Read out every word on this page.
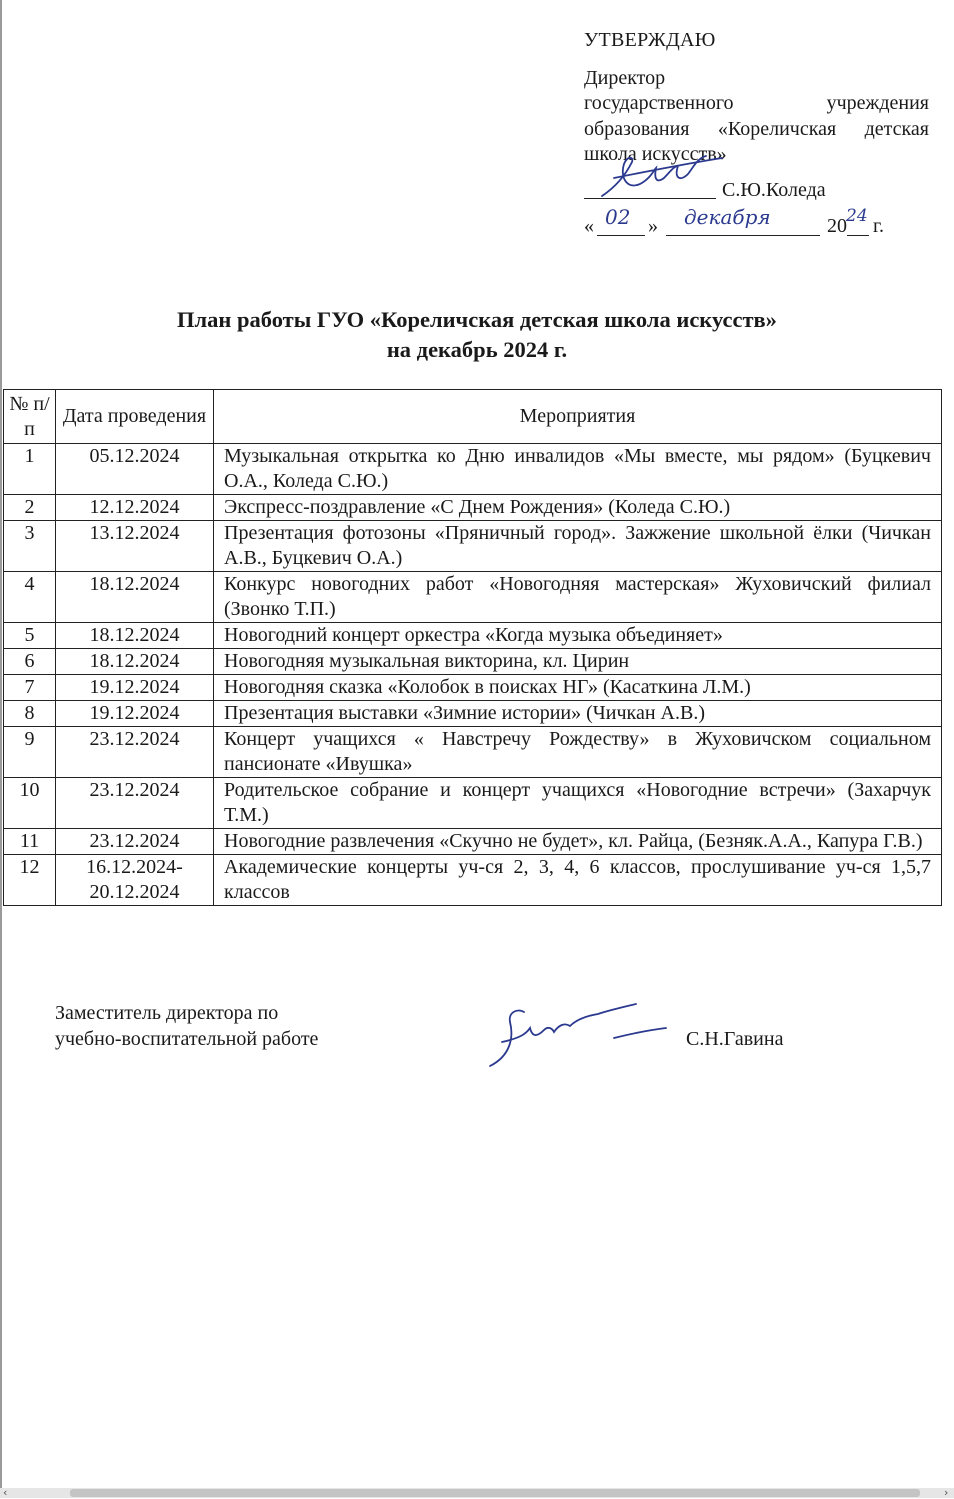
УТВЕРЖДАЮ
Директор
государственного	учреждения
образования «Кореличская детская
школа искусств»
С.Ю.Коледа
« 02 » декабря	20 24 г.
План работы ГУО «Кореличская детская школа искусств»
на декабрь 2024 г.
№ п/п	Дата проведения	Мероприятия
1	05.12.2024	Музыкальная открытка ко Дню инвалидов «Мы вместе, мы рядом» (Буцкевич О.А., Коледа С.Ю.)
2	12.12.2024	Экспресс-поздравление «С Днем Рождения» (Коледа С.Ю.)
3	13.12.2024	Презентация фотозоны «Пряничный город». Зажжение школьной ёлки (Чичкан А.В., Буцкевич О.А.)
4	18.12.2024	Конкурс новогодних работ «Новогодняя мастерская» Жуховичский филиал (Звонко Т.П.)
5	18.12.2024	Новогодний концерт оркестра «Когда музыка объединяет»
6	18.12.2024	Новогодняя музыкальная викторина, кл. Цирин
7	19.12.2024	Новогодняя сказка «Колобок в поисках НГ» (Касаткина Л.М.)
8	19.12.2024	Презентация выставки «Зимние истории» (Чичкан А.В.)
9	23.12.2024	Концерт учащихся « Навстречу Рождеству» в Жуховичском социальном пансионате «Ивушка»
10	23.12.2024	Родительское собрание и концерт учащихся «Новогодние встречи» (Захарчук Т.М.)
11	23.12.2024	Новогодние развлечения «Скучно не будет», кл. Райца, (Безняк.А.А., Капура Г.В.)
12	16.12.2024- 20.12.2024	Академические концерты уч-ся 2, 3, 4, 6 классов, прослушивание уч-ся 1,5,7 классов
Заместитель директора по
учебно-воспитательной работе	С.Н.Гавина
‹	›
